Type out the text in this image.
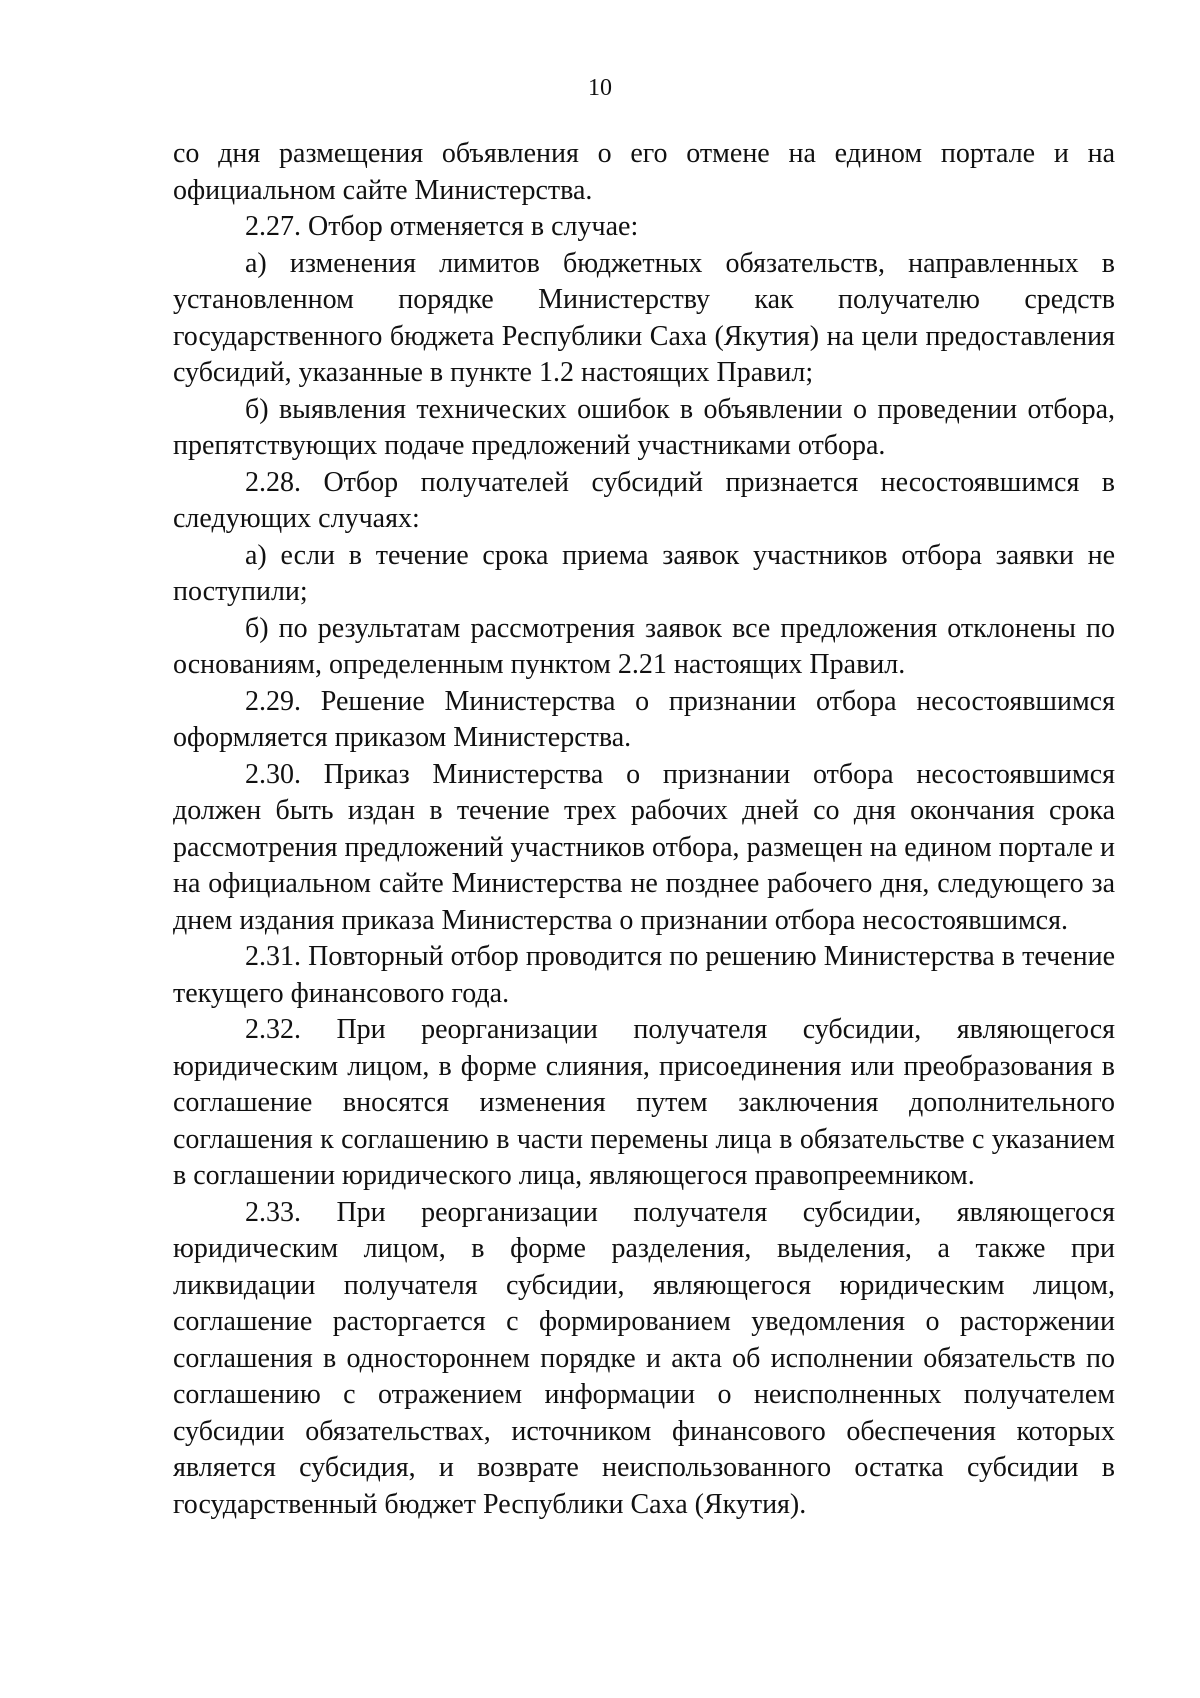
10

со дня размещения объявления о его отмене на едином портале и на официальном сайте Министерства.

2.27. Отбор отменяется в случае:

а) изменения лимитов бюджетных обязательств, направленных в установленном порядке Министерству как получателю средств государственного бюджета Республики Саха (Якутия) на цели предоставления субсидий, указанные в пункте 1.2 настоящих Правил;

б) выявления технических ошибок в объявлении о проведении отбора, препятствующих подаче предложений участниками отбора.

2.28. Отбор получателей субсидий признается несостоявшимся в следующих случаях:

а) если в течение срока приема заявок участников отбора заявки не поступили;

б) по результатам рассмотрения заявок все предложения отклонены по основаниям, определенным пунктом 2.21 настоящих Правил.

2.29. Решение Министерства о признании отбора несостоявшимся оформляется приказом Министерства.

2.30. Приказ Министерства о признании отбора несостоявшимся должен быть издан в течение трех рабочих дней со дня окончания срока рассмотрения предложений участников отбора, размещен на едином портале и на официальном сайте Министерства не позднее рабочего дня, следующего за днем издания приказа Министерства о признании отбора несостоявшимся.

2.31. Повторный отбор проводится по решению Министерства в течение текущего финансового года.

2.32. При реорганизации получателя субсидии, являющегося юридическим лицом, в форме слияния, присоединения или преобразования в соглашение вносятся изменения путем заключения дополнительного соглашения к соглашению в части перемены лица в обязательстве с указанием в соглашении юридического лица, являющегося правопреемником.

2.33. При реорганизации получателя субсидии, являющегося юридическим лицом, в форме разделения, выделения, а также при ликвидации получателя субсидии, являющегося юридическим лицом, соглашение расторгается с формированием уведомления о расторжении соглашения в одностороннем порядке и акта об исполнении обязательств по соглашению с отражением информации о неисполненных получателем субсидии обязательствах, источником финансового обеспечения которых является субсидия, и возврате неиспользованного остатка субсидии в государственный бюджет Республики Саха (Якутия).
